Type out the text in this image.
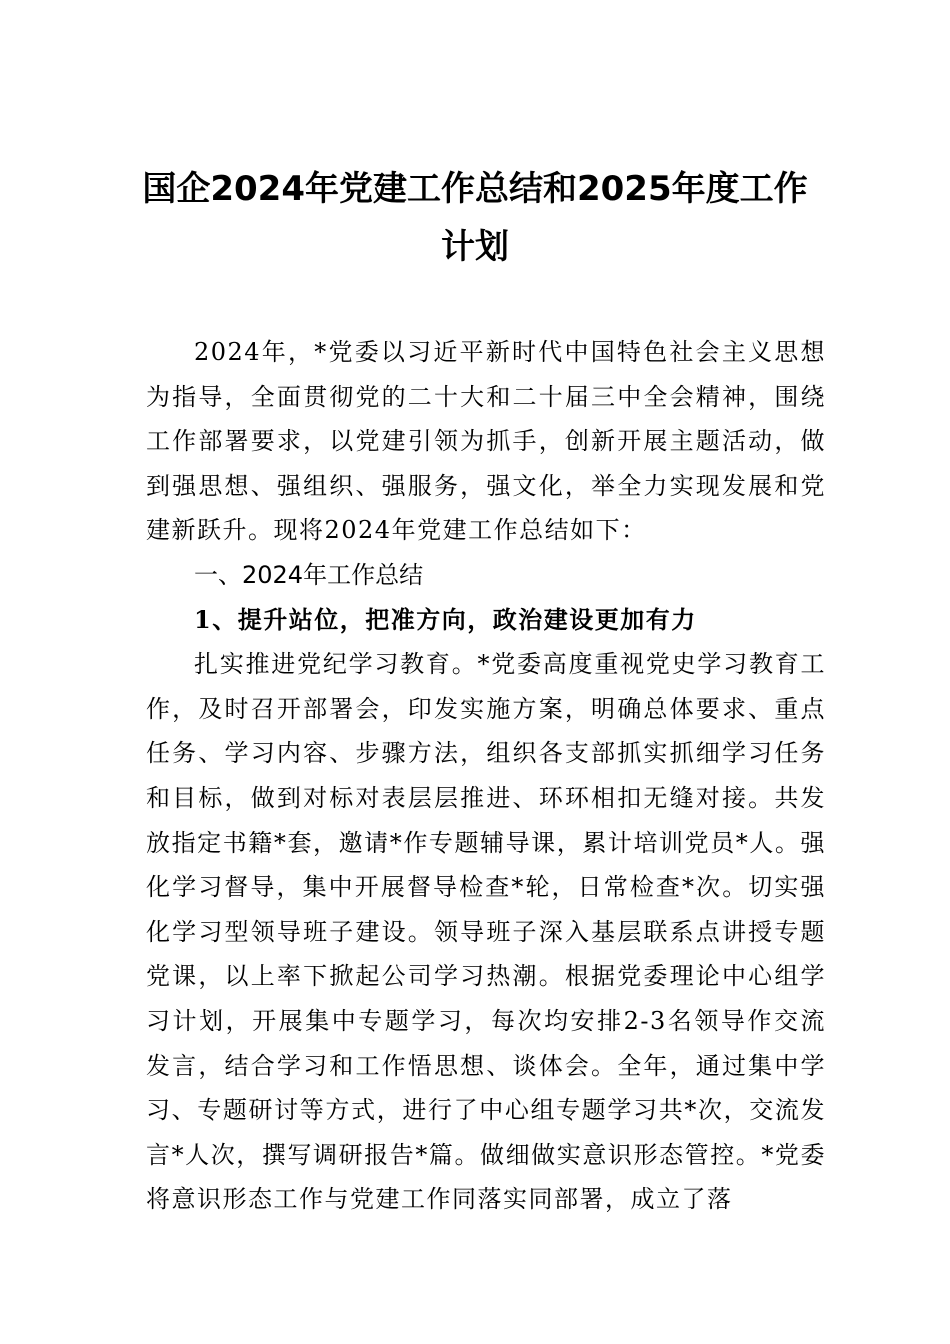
国企2024年党建工作总结和2025年度工作
计划

2024年，*党委以习近平新时代中国特色社会主义思想为指导，全面贯彻党的二十大和二十届三中全会精神，围绕工作部署要求，以党建引领为抓手，创新开展主题活动，做到强思想、强组织、强服务，强文化，举全力实现发展和党建新跃升。现将2024年党建工作总结如下：

一、2024年工作总结

1、提升站位，把准方向，政治建设更加有力

扎实推进党纪学习教育。*党委高度重视党史学习教育工作，及时召开部署会，印发实施方案，明确总体要求、重点任务、学习内容、步骤方法，组织各支部抓实抓细学习任务和目标，做到对标对表层层推进、环环相扣无缝对接。共发放指定书籍*套，邀请*作专题辅导课，累计培训党员*人。强化学习督导，集中开展督导检查*轮，日常检查*次。切实强化学习型领导班子建设。领导班子深入基层联系点讲授专题党课，以上率下掀起公司学习热潮。根据党委理论中心组学习计划，开展集中专题学习，每次均安排2-3名领导作交流发言，结合学习和工作悟思想、谈体会。全年，通过集中学习、专题研讨等方式，进行了中心组专题学习共*次，交流发言*人次，撰写调研报告*篇。做细做实意识形态管控。*党委将意识形态工作与党建工作同落实同部署，成立了落
